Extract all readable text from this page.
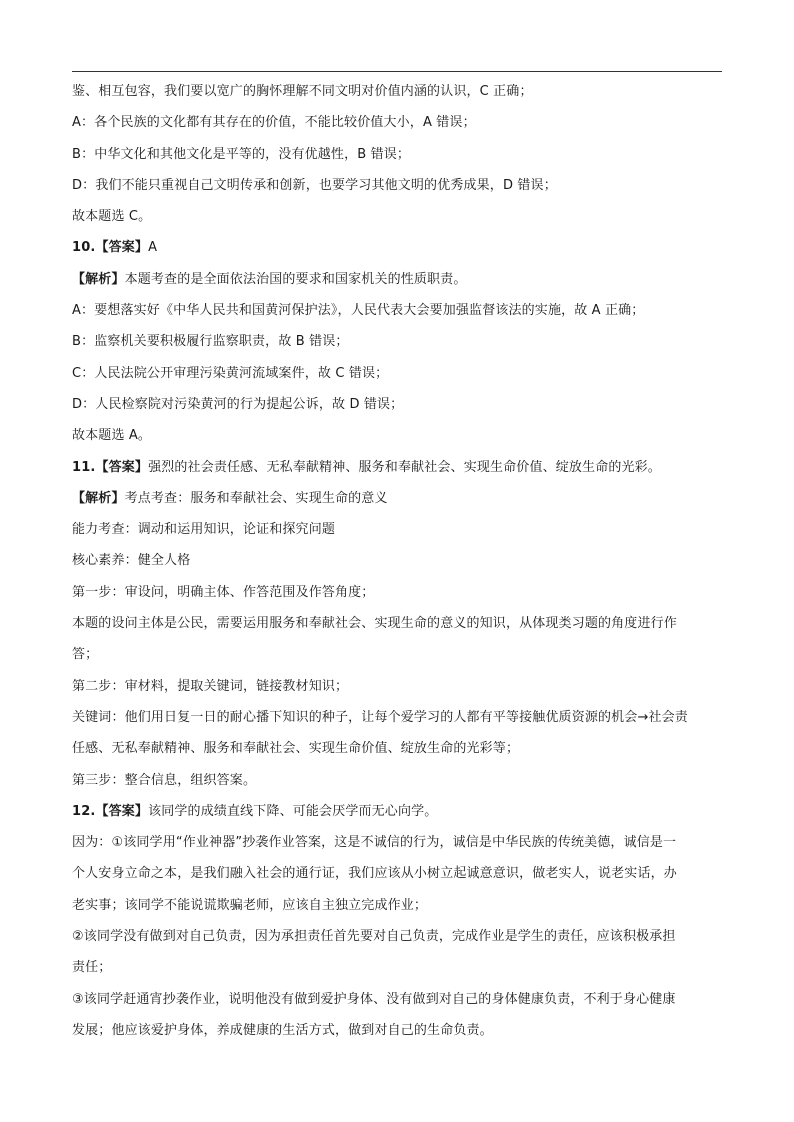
鉴、相互包容，我们要以宽广的胸怀理解不同文明对价值内涵的认识，C 正确；
A：各个民族的文化都有其存在的价值，不能比较价值大小，A 错误；
B：中华文化和其他文化是平等的，没有优越性，B 错误；
D：我们不能只重视自己文明传承和创新，也要学习其他文明的优秀成果，D 错误；
故本题选 C。
10.【答案】A
【解析】本题考查的是全面依法治国的要求和国家机关的性质职责。
A：要想落实好《中华人民共和国黄河保护法》，人民代表大会要加强监督该法的实施，故 A 正确；
B：监察机关要积极履行监察职责，故 B 错误；
C：人民法院公开审理污染黄河流域案件，故 C 错误；
D：人民检察院对污染黄河的行为提起公诉，故 D 错误；
故本题选 A。
11.【答案】强烈的社会责任感、无私奉献精神、服务和奉献社会、实现生命价值、绽放生命的光彩。
【解析】考点考查：服务和奉献社会、实现生命的意义
能力考查：调动和运用知识，论证和探究问题
核心素养：健全人格
第一步：审设问，明确主体、作答范围及作答角度；
本题的设问主体是公民，需要运用服务和奉献社会、实现生命的意义的知识，从体现类习题的角度进行作
答；
第二步：审材料，提取关键词，链接教材知识；
关键词：他们用日复一日的耐心播下知识的种子，让每个爱学习的人都有平等接触优质资源的机会→社会责
任感、无私奉献精神、服务和奉献社会、实现生命价值、绽放生命的光彩等；
第三步：整合信息，组织答案。
12.【答案】该同学的成绩直线下降、可能会厌学而无心向学。
因为：①该同学用“作业神器”抄袭作业答案，这是不诚信的行为，诚信是中华民族的传统美德，诚信是一
个人安身立命之本，是我们融入社会的通行证，我们应该从小树立起诚意意识，做老实人，说老实话，办
老实事；该同学不能说谎欺骗老师，应该自主独立完成作业；
②该同学没有做到对自己负责，因为承担责任首先要对自己负责，完成作业是学生的责任，应该积极承担
责任；
③该同学赶通宵抄袭作业，说明他没有做到爱护身体、没有做到对自己的身体健康负责，不利于身心健康
发展；他应该爱护身体，养成健康的生活方式，做到对自己的生命负责。
